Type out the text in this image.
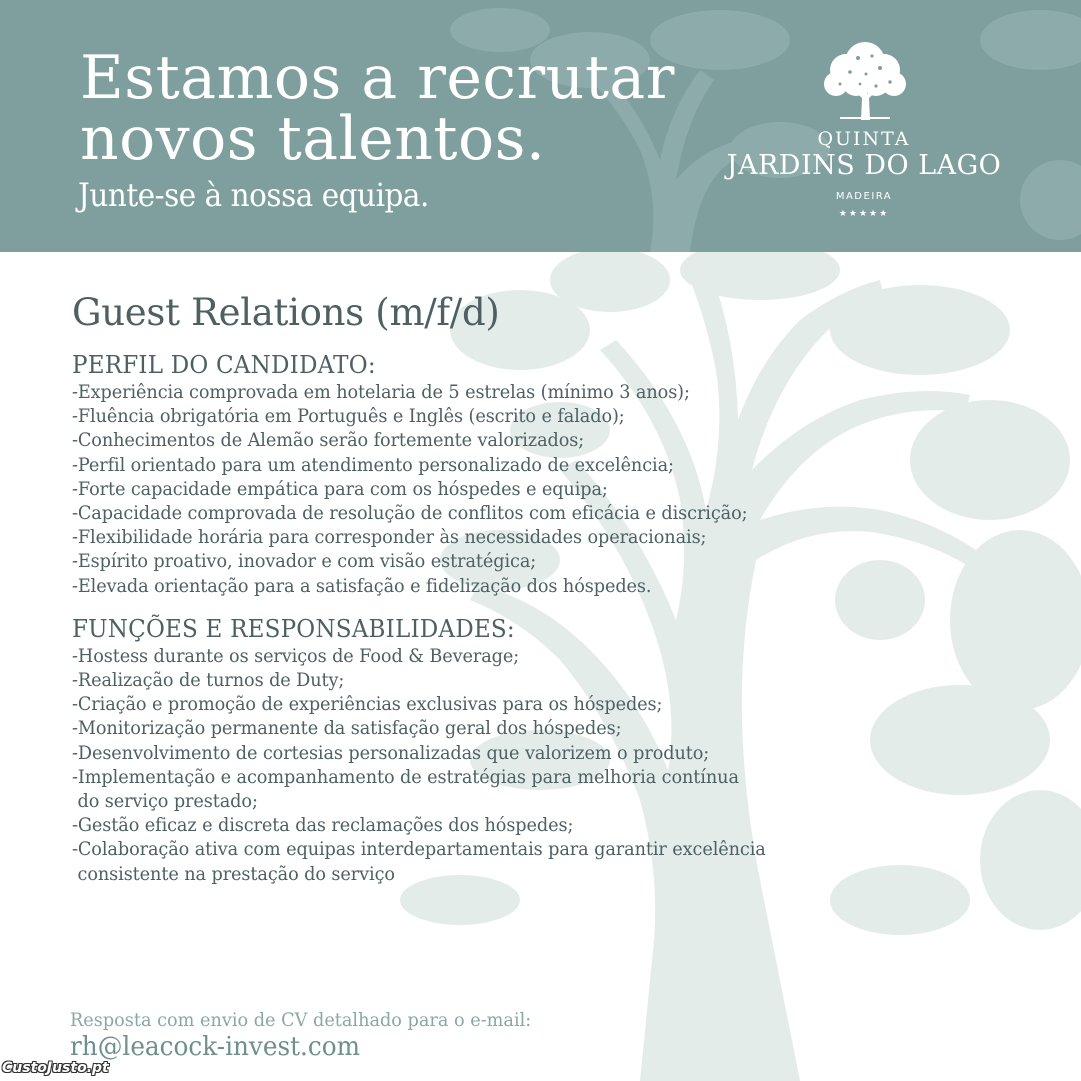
Estamos a recrutar
novos talentos.
Junte-se à nossa equipa.
QUINTA
JARDINS DO LAGO
MADEIRA
★★★★★
Guest Relations (m/f/d)
PERFIL DO CANDIDATO:
-Experiência comprovada em hotelaria de 5 estrelas (mínimo 3 anos);
-Fluência obrigatória em Português e Inglês (escrito e falado);
-Conhecimentos de Alemão serão fortemente valorizados;
-Perfil orientado para um atendimento personalizado de excelência;
-Forte capacidade empática para com os hóspedes e equipa;
-Capacidade comprovada de resolução de conflitos com eficácia e discrição;
-Flexibilidade horária para corresponder às necessidades operacionais;
-Espírito proativo, inovador e com visão estratégica;
-Elevada orientação para a satisfação e fidelização dos hóspedes.
FUNÇÕES E RESPONSABILIDADES:
-Hostess durante os serviços de Food & Beverage;
-Realização de turnos de Duty;
-Criação e promoção de experiências exclusivas para os hóspedes;
-Monitorização permanente da satisfação geral dos hóspedes;
-Desenvolvimento de cortesias personalizadas que valorizem o produto;
-Implementação e acompanhamento de estratégias para melhoria contínua
do serviço prestado;
-Gestão eficaz e discreta das reclamações dos hóspedes;
-Colaboração ativa com equipas interdepartamentais para garantir excelência
consistente na prestação do serviço
Resposta com envio de CV detalhado para o e-mail:
rh@leacock-invest.com
CustoJusto.pt
